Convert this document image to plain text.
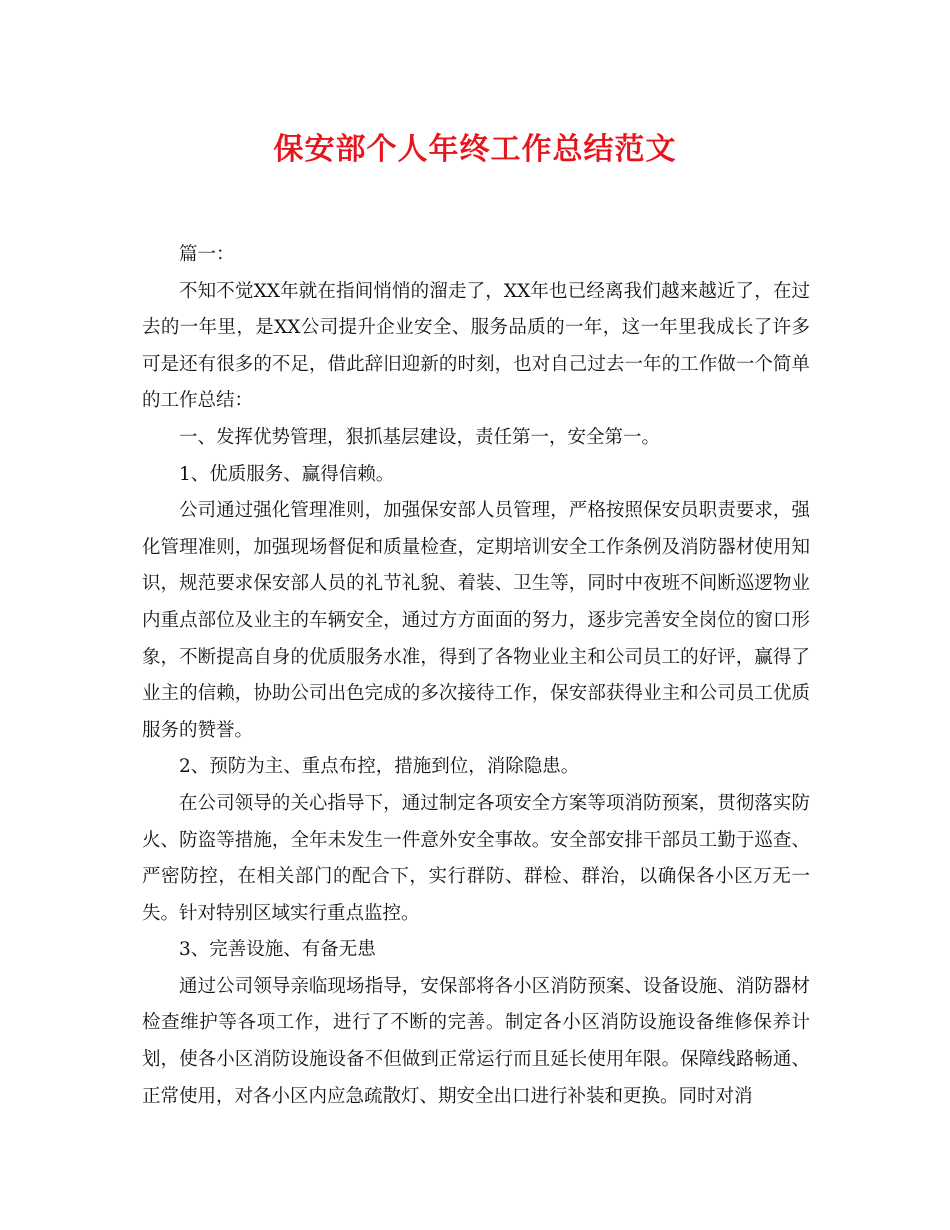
保安部个人年终工作总结范文

篇一：

不知不觉XX年就在指间悄悄的溜走了，XX年也已经离我们越来越近了，在过去的一年里，是XX公司提升企业安全、服务品质的一年，这一年里我成长了许多可是还有很多的不足，借此辞旧迎新的时刻，也对自己过去一年的工作做一个简单的工作总结：

一、发挥优势管理，狠抓基层建设，责任第一，安全第一。

1、优质服务、赢得信赖。

公司通过强化管理准则，加强保安部人员管理，严格按照保安员职责要求，强化管理准则，加强现场督促和质量检查，定期培训安全工作条例及消防器材使用知识，规范要求保安部人员的礼节礼貌、着装、卫生等，同时中夜班不间断巡逻物业内重点部位及业主的车辆安全，通过方方面面的努力，逐步完善安全岗位的窗口形象，不断提高自身的优质服务水准，得到了各物业业主和公司员工的好评，赢得了业主的信赖，协助公司出色完成的多次接待工作，保安部获得业主和公司员工优质服务的赞誉。

2、预防为主、重点布控，措施到位，消除隐患。

在公司领导的关心指导下，通过制定各项安全方案等项消防预案，贯彻落实防火、防盗等措施，全年未发生一件意外安全事故。安全部安排干部员工勤于巡查、严密防控，在相关部门的配合下，实行群防、群检、群治，以确保各小区万无一失。针对特别区域实行重点监控。

3、完善设施、有备无患

通过公司领导亲临现场指导，安保部将各小区消防预案、设备设施、消防器材检查维护等各项工作，进行了不断的完善。制定各小区消防设施设备维修保养计划，使各小区消防设施设备不但做到正常运行而且延长使用年限。保障线路畅通、正常使用，对各小区内应急疏散灯、期安全出口进行补装和更换。同时对消
